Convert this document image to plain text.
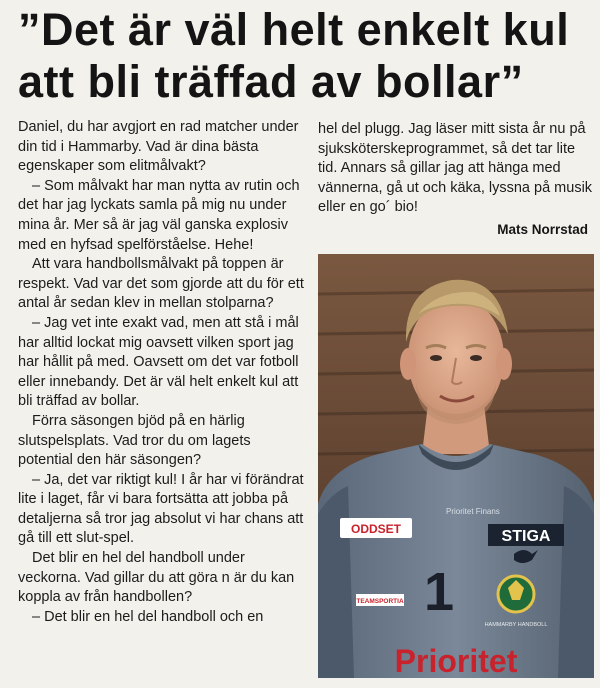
”Det är väl helt enkelt kul
att bli träffad av bollar”

Daniel, du har avgjort en rad matcher under din tid i Hammarby. Vad är dina bästa egenskaper som elitmålvakt?

– Som målvakt har man nytta av rutin och det har jag lyckats samla på mig nu under mina år. Mer så är jag väl ganska explosiv med en hyfsad spelförståelse. Hehe!

Att vara handbollsmålvakt på toppen är respekt. Vad var det som gjorde att du för ett antal år sedan klev in mellan stolparna?

– Jag vet inte exakt vad, men att stå i mål har alltid lockat mig oavsett vilken sport jag har hållit på med. Oavsett om det var fotboll eller innebandy. Det är väl helt enkelt kul att bli träffad av bollar.

Förra säsongen bjöd på en härlig slutspelsplats. Vad tror du om lagets potential den här säsongen?

– Ja, det var riktigt kul! I år har vi förändrat lite i laget, får vi bara fortsätta att jobba på detaljerna så tror jag absolut vi har chans att gå till ett slut-spel.

Det blir en hel del handboll under veckorna. Vad gillar du att göra n är du kan koppla av från handbollen?

– Det blir en hel del handboll och en

hel del plugg. Jag läser mitt sista år nu på sjuksköterskeprogrammet, så det tar lite tid. Annars så gillar jag att hänga med vännerna, gå ut och käka, lyssna på musik eller en go´ bio!

Mats Norrstad
ODDSET
Prioritet Finans
STIGA
1
TEAMSPORTIA
HAMMARBY HANDBOLL
Prioritet
